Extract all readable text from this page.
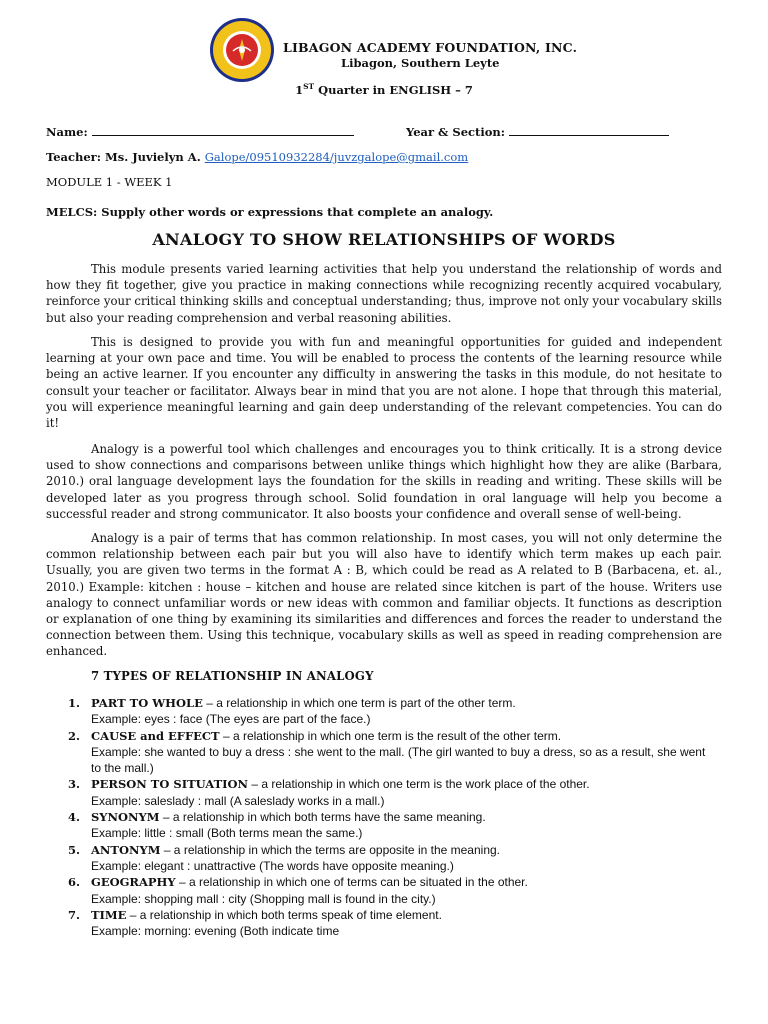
LIBAGON ACADEMY FOUNDATION, INC.
Libagon, Southern Leyte
1ST Quarter in ENGLISH – 7
Name:	Year & Section:
Teacher: Ms. Juvielyn A. Galope/09510932284/juvzgalope@gmail.com
MODULE 1 - WEEK 1
MELCS: Supply other words or expressions that complete an analogy.
ANALOGY TO SHOW RELATIONSHIPS OF WORDS
This module presents varied learning activities that help you understand the relationship of words and how they fit together, give you practice in making connections while recognizing recently acquired vocabulary, reinforce your critical thinking skills and conceptual understanding; thus, improve not only your vocabulary skills but also your reading comprehension and verbal reasoning abilities.
This is designed to provide you with fun and meaningful opportunities for guided and independent learning at your own pace and time. You will be enabled to process the contents of the learning resource while being an active learner. If you encounter any difficulty in answering the tasks in this module, do not hesitate to consult your teacher or facilitator. Always bear in mind that you are not alone. I hope that through this material, you will experience meaningful learning and gain deep understanding of the relevant competencies. You can do it!
Analogy is a powerful tool which challenges and encourages you to think critically. It is a strong device used to show connections and comparisons between unlike things which highlight how they are alike (Barbara, 2010.) oral language development lays the foundation for the skills in reading and writing. These skills will be developed later as you progress through school. Solid foundation in oral language will help you become a successful reader and strong communicator. It also boosts your confidence and overall sense of well-being.
Analogy is a pair of terms that has common relationship. In most cases, you will not only determine the common relationship between each pair but you will also have to identify which term makes up each pair. Usually, you are given two terms in the format A : B, which could be read as A related to B (Barbacena, et. al., 2010.) Example: kitchen : house – kitchen and house are related since kitchen is part of the house. Writers use analogy to connect unfamiliar words or new ideas with common and familiar objects. It functions as description or explanation of one thing by examining its similarities and differences and forces the reader to understand the connection between them. Using this technique, vocabulary skills as well as speed in reading comprehension are enhanced.
7 TYPES OF RELATIONSHIP IN ANALOGY
1. PART TO WHOLE – a relationship in which one term is part of the other term.
Example: eyes : face (The eyes are part of the face.)
2. CAUSE and EFFECT – a relationship in which one term is the result of the other term.
Example: she wanted to buy a dress : she went to the mall. (The girl wanted to buy a dress, so as a result, she went to the mall.)
3. PERSON TO SITUATION – a relationship in which one term is the work place of the other.
Example: saleslady : mall (A saleslady works in a mall.)
4. SYNONYM – a relationship in which both terms have the same meaning.
Example: little : small (Both terms mean the same.)
5. ANTONYM – a relationship in which the terms are opposite in the meaning.
Example: elegant : unattractive (The words have opposite meaning.)
6. GEOGRAPHY – a relationship in which one of terms can be situated in the other.
Example: shopping mall : city (Shopping mall is found in the city.)
7. TIME – a relationship in which both terms speak of time element.
Example: morning: evening (Both indicate time
